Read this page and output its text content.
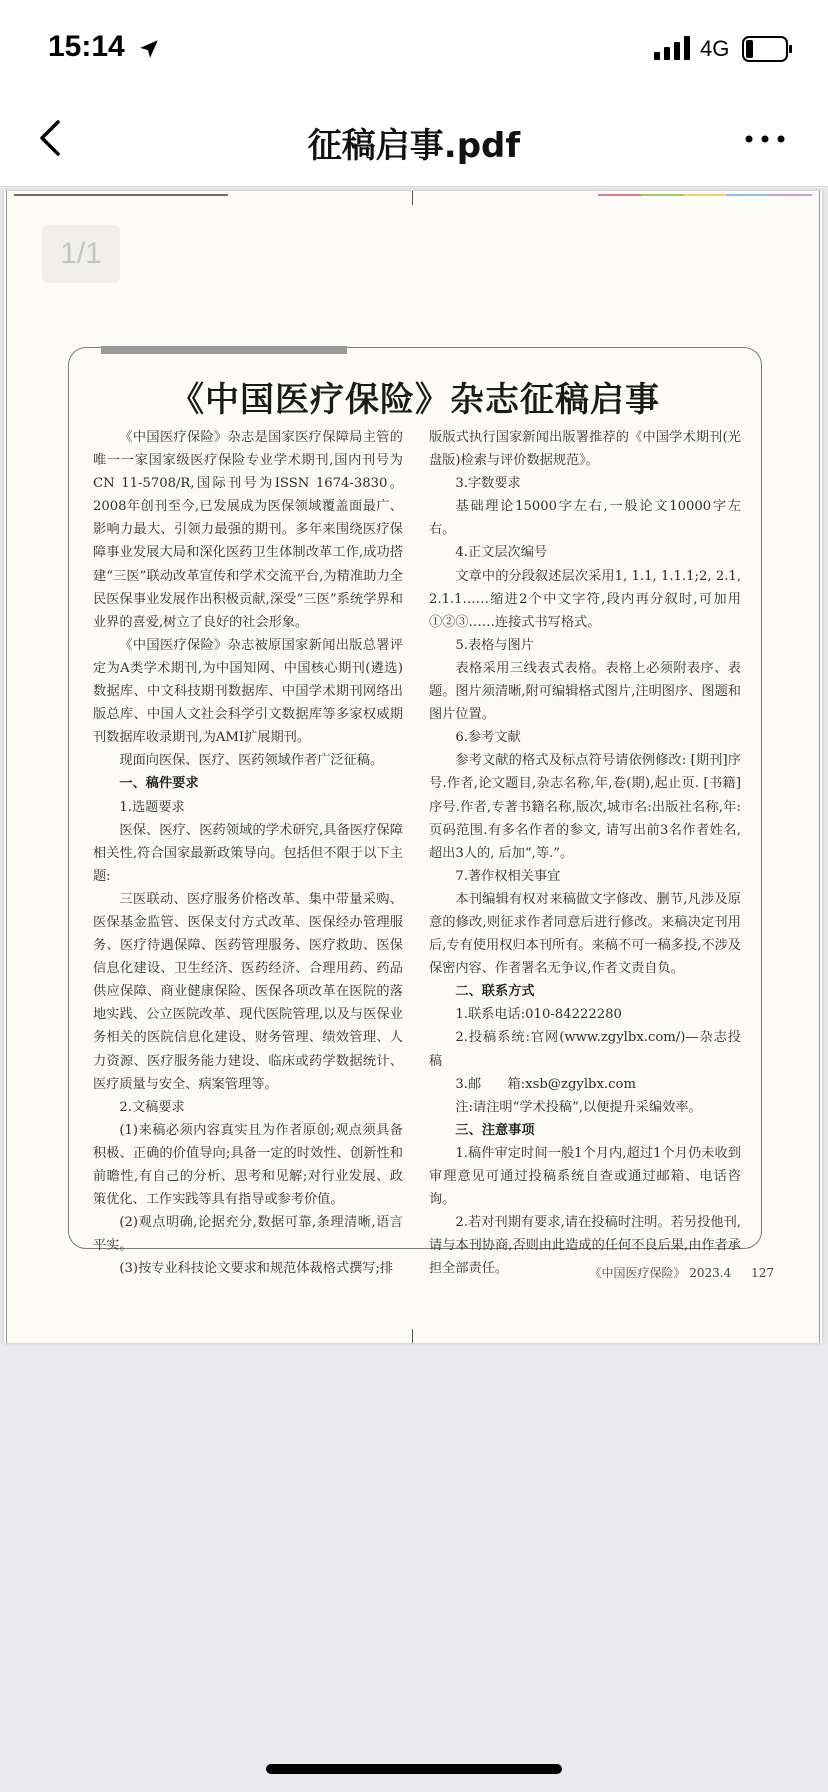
15:14	4G
征稿启事.pdf
1/1
《中国医疗保险》杂志征稿启事

《中国医疗保险》杂志是国家医疗保障局主管的唯一一家国家级医疗保险专业学术期刊,国内刊号为CN 11-5708/R,国际刊号为ISSN 1674-3830。2008年创刊至今,已发展成为医保领域覆盖面最广、影响力最大、引领力最强的期刊。多年来围绕医疗保障事业发展大局和深化医药卫生体制改革工作,成功搭建“三医”联动改革宣传和学术交流平台,为精准助力全民医保事业发展作出积极贡献,深受“三医”系统学界和业界的喜爱,树立了良好的社会形象。

《中国医疗保险》杂志被原国家新闻出版总署评定为A类学术期刊,为中国知网、中国核心期刊(遴选)数据库、中文科技期刊数据库、中国学术期刊网络出版总库、中国人文社会科学引文数据库等多家权威期刊数据库收录期刊,为AMI扩展期刊。

现面向医保、医疗、医药领域作者广泛征稿。

一、稿件要求

1.选题要求

医保、医疗、医药领域的学术研究,具备医疗保障相关性,符合国家最新政策导向。包括但不限于以下主题:

三医联动、医疗服务价格改革、集中带量采购、医保基金监管、医保支付方式改革、医保经办管理服务、医疗待遇保障、医药管理服务、医疗救助、医保信息化建设、卫生经济、医药经济、合理用药、药品供应保障、商业健康保险、医保各项改革在医院的落地实践、公立医院改革、现代医院管理,以及与医保业务相关的医院信息化建设、财务管理、绩效管理、人力资源、医疗服务能力建设、临床或药学数据统计、医疗质量与安全、病案管理等。

2.文稿要求

(1)来稿必须内容真实且为作者原创;观点须具备积极、正确的价值导向;具备一定的时效性、创新性和前瞻性,有自己的分析、思考和见解;对行业发展、政策优化、工作实践等具有指导或参考价值。

(2)观点明确,论据充分,数据可靠,条理清晰,语言平实。

(3)按专业科技论文要求和规范体裁格式撰写;排

版版式执行国家新闻出版署推荐的《中国学术期刊(光盘版)检索与评价数据规范》。

3.字数要求

基础理论15000字左右,一般论文10000字左右。

4.正文层次编号

文章中的分段叙述层次采用1, 1.1, 1.1.1;2, 2.1, 2.1.1……缩进2个中文字符,段内再分叙时,可加用①②③……连接式书写格式。

5.表格与图片

表格采用三线表式表格。表格上必须附表序、表题。图片须清晰,附可编辑格式图片,注明图序、图题和图片位置。

6.参考文献

参考文献的格式及标点符号请依例修改: [期刊]序号.作者,论文题目,杂志名称,年,卷(期),起止页. [书籍]序号.作者,专著书籍名称,版次,城市名:出版社名称,年:页码范围.有多名作者的参文, 请写出前3名作者姓名, 超出3人的, 后加“,等.”。

7.著作权相关事宜

本刊编辑有权对来稿做文字修改、删节,凡涉及原意的修改,则征求作者同意后进行修改。来稿决定刊用后,专有使用权归本刊所有。来稿不可一稿多投,不涉及保密内容、作者署名无争议,作者文责自负。

二、联系方式

1.联系电话:010-84222280

2.投稿系统:官网(www.zgylbx.com/)—杂志投稿

3.邮　　箱:xsb@zgylbx.com

注:请注明“学术投稿”,以便提升采编效率。

三、注意事项

1.稿件审定时间一般1个月内,超过1个月仍未收到审理意见可通过投稿系统自查或通过邮箱、电话咨询。

2.若对刊期有要求,请在投稿时注明。若另投他刊,请与本刊协商,否则由此造成的任何不良后果,由作者承担全部责任。	《中国医疗保险》 2023.4 127
